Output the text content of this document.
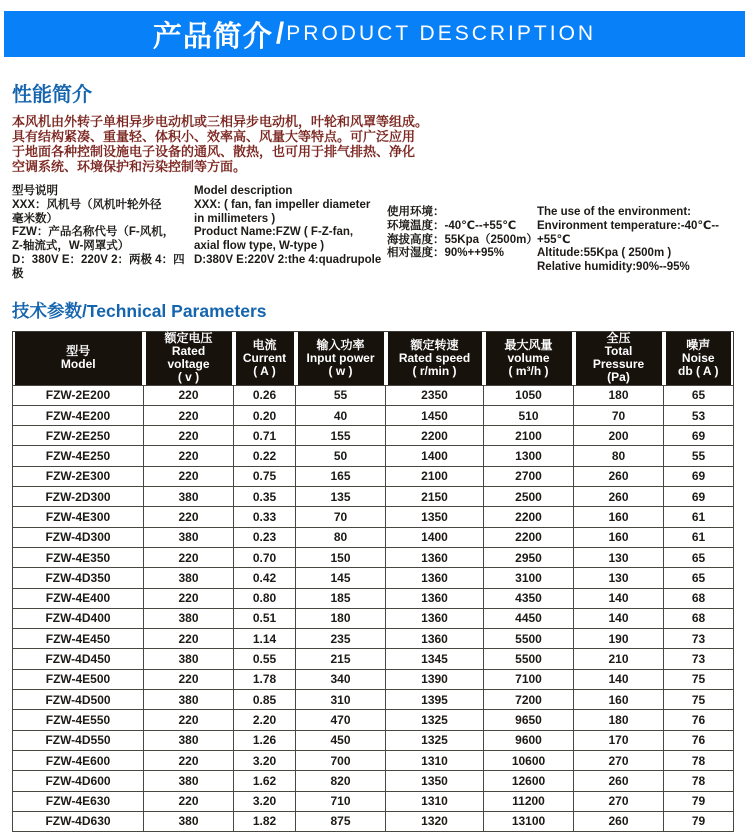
产品简介 / PRODUCT DESCRIPTION
性能简介
本风机由外转子单相异步电动机或三相异步电动机，叶轮和风罩等组成。
具有结构紧凑、重量轻、体积小、效率高、风量大等特点。可广泛应用
于地面各种控制设施电子设备的通风、散热，也可用于排气排热、净化
空调系统、环境保护和污染控制等方面。
型号说明
XXX：风机号（风机叶轮外径
毫米数）
FZW：产品名称代号（F-风机，
Z-轴流式，W-网罩式）
D：380V E：220V 2：两极 4：四极
Model description
XXX: ( fan, fan impeller diameter
in millimeters )
Product Name:FZW ( F-Z-fan,
axial flow type, W-type )
D:380V E:220V 2:the 4:quadrupole
使用环境：
环境温度：-40℃--+55℃
海拔高度：55Kpa（2500m）
相对湿度：90%++95%
The use of the environment:
Environment temperature:-40℃--+55℃
Altitude:55Kpa ( 2500m )
Relative humidity:90%--95%
技术参数/Technical Parameters
型号
Model

额定电压
Rated
voltage
( v )

电流
Current
( A )

输入功率
Input power
( w )

额定转速
Rated speed
( r/min )

最大风量
volume
( m³/h )

全压
Total
Pressure
(Pa)

噪声
Noise
db ( A )

FZW-2E200	220	0.26	55	2350	1050	180	65
FZW-4E200	220	0.20	40	1450	510	70	53
FZW-2E250	220	0.71	155	2200	2100	200	69
FZW-4E250	220	0.22	50	1400	1300	80	55
FZW-2E300	220	0.75	165	2100	2700	260	69
FZW-2D300	380	0.35	135	2150	2500	260	69
FZW-4E300	220	0.33	70	1350	2200	160	61
FZW-4D300	380	0.23	80	1400	2200	160	61
FZW-4E350	220	0.70	150	1360	2950	130	65
FZW-4D350	380	0.42	145	1360	3100	130	65
FZW-4E400	220	0.80	185	1360	4350	140	68
FZW-4D400	380	0.51	180	1360	4450	140	68
FZW-4E450	220	1.14	235	1360	5500	190	73
FZW-4D450	380	0.55	215	1345	5500	210	73
FZW-4E500	220	1.78	340	1390	7100	140	75
FZW-4D500	380	0.85	310	1395	7200	160	75
FZW-4E550	220	2.20	470	1325	9650	180	76
FZW-4D550	380	1.26	450	1325	9600	170	76
FZW-4E600	220	3.20	700	1310	10600	270	78
FZW-4D600	380	1.62	820	1350	12600	260	78
FZW-4E630	220	3.20	710	1310	11200	270	79
FZW-4D630	380	1.82	875	1320	13100	260	79
